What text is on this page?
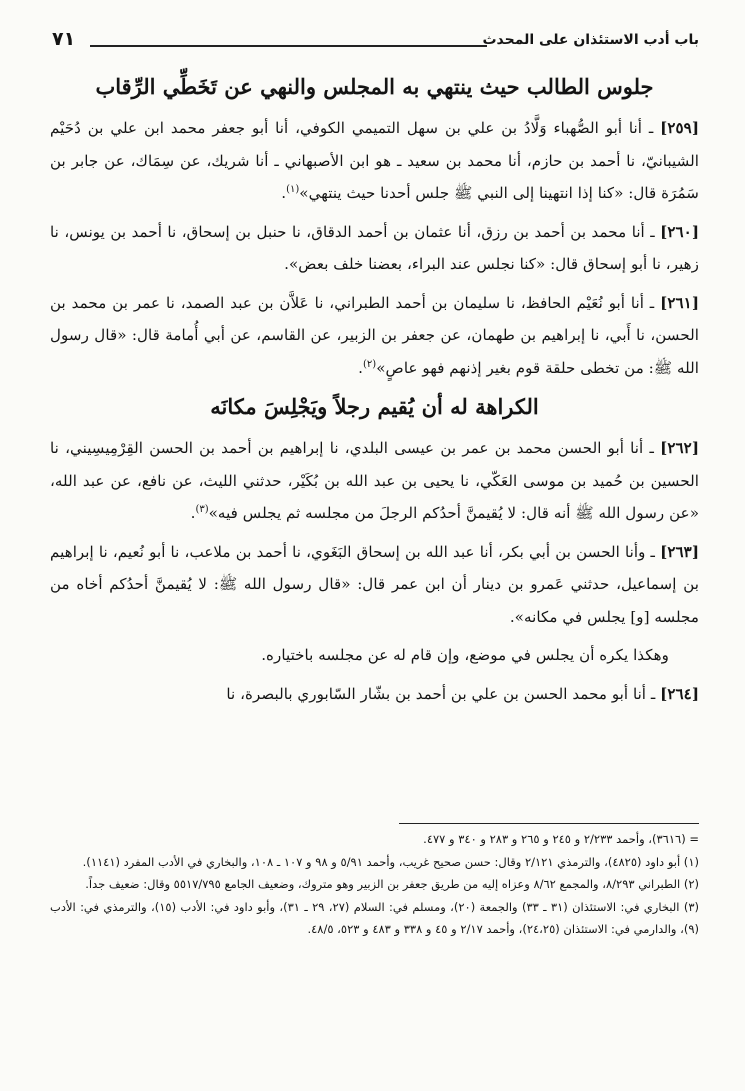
باب أدب الاستئذان على المحدث
٧١
جلوس الطالب حيث ينتهي به المجلس والنهي عن تَخَطِّي الرِّقاب

[٢٥٩] ـ أنا أبو الصُّهباء وَلَّادُ بن علي بن سهل التميمي الكوفي، أنا أبو جعفر محمد ابن علي بن دُحَيْم الشيبانيّ، نا أحمد بن حازم، أنا محمد بن سعيد ـ هو ابن الأصبهاني ـ أنا شريك، عن سِمَاك، عن جابر بن سَمُرَة قال: «كنا إذا انتهينا إلى النبي ﷺ جلس أحدنا حيث ينتهي»$^{(١)}$.

[٢٦٠] ـ أنا محمد بن أحمد بن رزق، أنا عثمان بن أحمد الدقاق، نا حنبل بن إسحاق، نا أحمد بن يونس، نا زهير، نا أبو إسحاق قال: «كنا نجلس عند البراء، بعضنا خلف بعض».

[٢٦١] ـ أنا أبو نُعَيْم الحافظ، نا سليمان بن أحمد الطبراني، نا عَلاَّن بن عبد الصمد، نا عمر بن محمد بن الحسن، نا أَبي، نا إبراهيم بن طهمان، عن جعفر بن الزبير، عن القاسم، عن أبي أُمامة قال: «قال رسول الله ﷺ: من تخطى حلقة قوم بغير إذنهم فهو عاصٍ»$^{(٢)}$.

الكراهة له أن يُقيم رجلاً ويَجْلِسَ مكانَه

[٢٦٢] ـ أنا أبو الحسن محمد بن عمر بن عيسى البلدي، نا إبراهيم بن أحمد بن الحسن القِرْمِيسِيني، نا الحسين بن حُميد بن موسى العَكّي، نا يحيى بن عبد الله بن بُكَيْر، حدثني الليث، عن نافع، عن عبد الله، «عن رسول الله ﷺ أنه قال: لا يُقيمنَّ أحدُكم الرجلَ من مجلسه ثم يجلس فيه»$^{(٣)}$.

[٢٦٣] ـ وأنا الحسن بن أبي بكر، أنا عبد الله بن إسحاق البَغَوي، نا أحمد بن ملاعب، نا أبو نُعيم، نا إبراهيم بن إسماعيل، حدثني عَمرو بن دينار أن ابن عمر قال: «قال رسول الله ﷺ: لا يُقيمنَّ أحدُكم أخاه من مجلسه [و] يجلس في مكانه».

وهكذا يكره أن يجلس في موضع، وإن قام له عن مجلسه باختياره.

[٢٦٤] ـ أنا أبو محمد الحسن بن علي بن أحمد بن بشّار السّابوري بالبصرة، نا

= (٣٦١٦)، وأحمد ٢/٢٣٣ و ٢٤٥ و ٢٦٥ و ٢٨٣ و ٣٤٠ و ٤٧٧.

(١) أبو داود (٤٨٢٥)، والترمذي ٢/١٢١ وقال: حسن صحيح غريب، وأحمد ٥/٩١ و ٩٨ و ١٠٧ ـ ١٠٨، والبخاري في الأدب المفرد (١١٤١).

(٢) الطبراني ٨/٢٩٣، والمجمع ٨/٦٢ وعزاه إليه من طريق جعفر بن الزبير وهو متروك، وضعيف الجامع ٥٥١٧/٧٩٥ وقال: ضعيف جداً.

(٣) البخاري في: الاستئذان (٣١ ـ ٣٣) والجمعة (٢٠)، ومسلم في: السلام (٢٧، ٢٩ ـ ٣١)، وأبو داود في: الأدب (١٥)، والترمذي في: الأدب (٩)، والدارمي في: الاستئذان (٢٤،٢٥)، وأحمد ٢/١٧ و ٤٥ و ٣٣٨ و ٤٨٣ و ٥٢٣، ٤٨/٥.
